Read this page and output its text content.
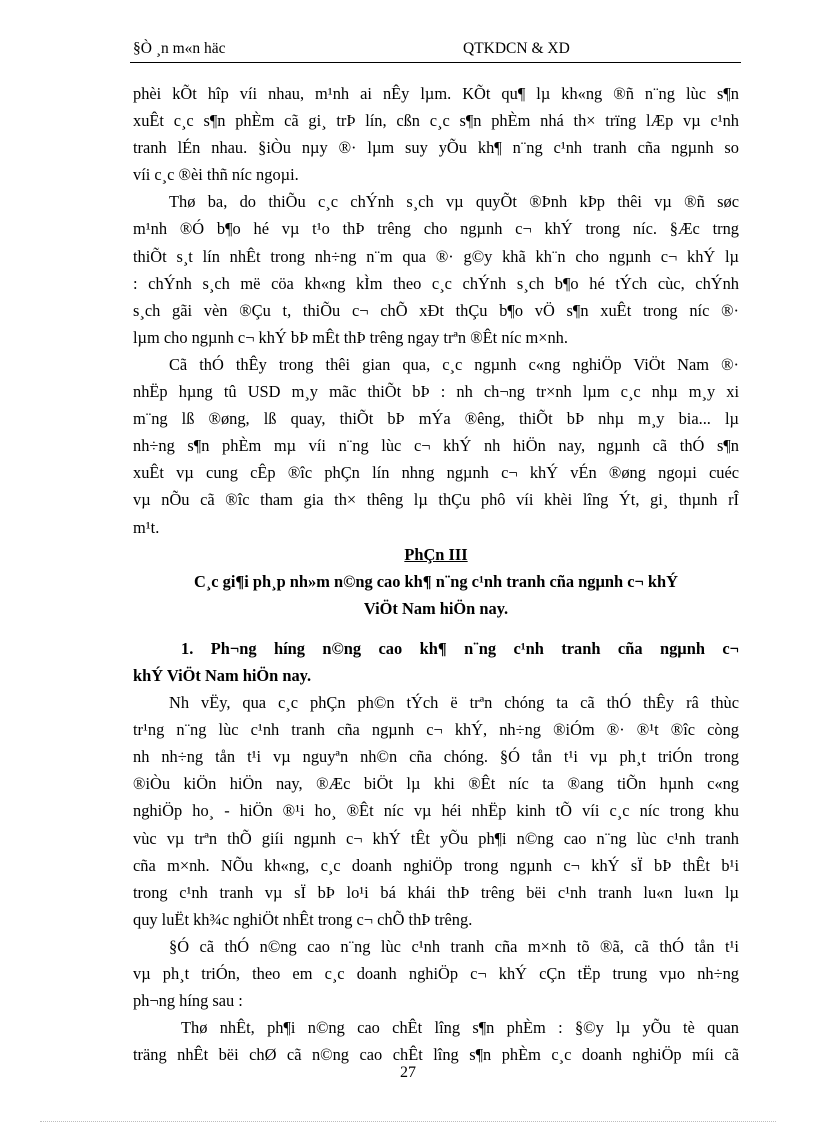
§Ò ¸n m«n häc	QTKDCN & XD
phèi kÕt hîp víi nhau, m¹nh ai nÊy lµm. KÕt qu¶ lµ kh«ng ®ñ n¨ng lùc s¶n
xuÊt c¸c s¶n phÈm cã gi¸ trÞ lín, cßn c¸c s¶n phÈm nhá th× trïng lÆp vµ c¹nh
tranh lÉn nhau. §iÒu nµy ®· lµm suy yÕu kh¶ n¨ng c¹nh tranh cña ngµnh so
víi c¸c ®èi thñ níc ngoµi.
Thø ba, do thiÕu c¸c chÝnh s¸ch vµ quyÕt ®Þnh kÞp thêi vµ ®ñ søc
m¹nh ®Ó b¶o hé vµ t¹o thÞ trêng cho ngµnh c¬ khÝ trong níc. §Æc trng
thiÕt s¸t lín nhÊt trong nh÷ng n¨m qua ®· g©y khã kh¨n cho ngµnh c¬ khÝ lµ
: chÝnh s¸ch më cöa kh«ng kÌm theo c¸c chÝnh s¸ch b¶o hé tÝch cùc, chÝnh
s¸ch gãi vèn ®Çu t, thiÕu c¬ chÕ xÐt thÇu b¶o vÖ s¶n xuÊt trong níc ®·
lµm cho ngµnh c¬ khÝ bÞ mÊt thÞ trêng ngay trªn ®Êt níc m×nh.
Cã thÓ thÊy trong thêi gian qua, c¸c ngµnh c«ng nghiÖp ViÖt Nam ®·
nhËp hµng tû USD m¸y mãc thiÕt bÞ : nh ch¬ng tr×nh lµm c¸c nhµ m¸y xi
m¨ng lß ®øng, lß quay, thiÕt bÞ mÝa ®êng, thiÕt bÞ nhµ m¸y bia... lµ
nh÷ng s¶n phÈm mµ víi n¨ng lùc c¬ khÝ nh hiÖn nay, ngµnh cã thÓ s¶n
xuÊt vµ cung cÊp ®îc phÇn lín nhng ngµnh c¬ khÝ vÉn ®øng ngoµi cuéc
vµ nÕu cã ®îc tham gia th× thêng lµ thÇu phô víi khèi lîng Ýt, gi¸ thµnh rÎ
m¹t.
PhÇn III
C¸c gi¶i ph¸p nh»m n©ng cao kh¶ n¨ng c¹nh tranh cña ngµnh c¬ khÝ
ViÖt Nam hiÖn nay.
1. Ph¬ng híng n©ng cao kh¶ n¨ng c¹nh tranh cña ngµnh c¬
khÝ ViÖt Nam hiÖn nay.
Nh vËy, qua c¸c phÇn ph©n tÝch ë trªn chóng ta cã thÓ thÊy râ thùc
tr¹ng n¨ng lùc c¹nh tranh cña ngµnh c¬ khÝ, nh÷ng ®iÓm ®· ®¹t ®îc còng
nh nh÷ng tån t¹i vµ nguyªn nh©n cña chóng. §Ó tån t¹i vµ ph¸t triÓn trong
®iÒu kiÖn hiÖn nay, ®Æc biÖt lµ khi ®Êt níc ta ®ang tiÕn hµnh c«ng
nghiÖp ho¸ - hiÖn ®¹i ho¸ ®Êt níc vµ héi nhËp kinh tÕ víi c¸c níc trong khu
vùc vµ trªn thÕ giíi ngµnh c¬ khÝ tÊt yÕu ph¶i n©ng cao n¨ng lùc c¹nh tranh
cña m×nh. NÕu kh«ng, c¸c doanh nghiÖp trong ngµnh c¬ khÝ sÏ bÞ thÊt b¹i
trong c¹nh tranh vµ sÏ bÞ lo¹i bá khái thÞ trêng bëi c¹nh tranh lu«n lu«n lµ
quy luËt kh¾c nghiÖt nhÊt trong c¬ chÕ thÞ trêng.
§Ó cã thÓ n©ng cao n¨ng lùc c¹nh tranh cña m×nh tõ ®ã, cã thÓ tån t¹i
vµ ph¸t triÓn, theo em c¸c doanh nghiÖp c¬ khÝ cÇn tËp trung vµo nh÷ng
ph¬ng híng sau :
Thø nhÊt, ph¶i n©ng cao chÊt lîng s¶n phÈm : §©y lµ yÕu tè quan
träng nhÊt bëi chØ cã n©ng cao chÊt lîng s¶n phÈm c¸c doanh nghiÖp míi cã
27
